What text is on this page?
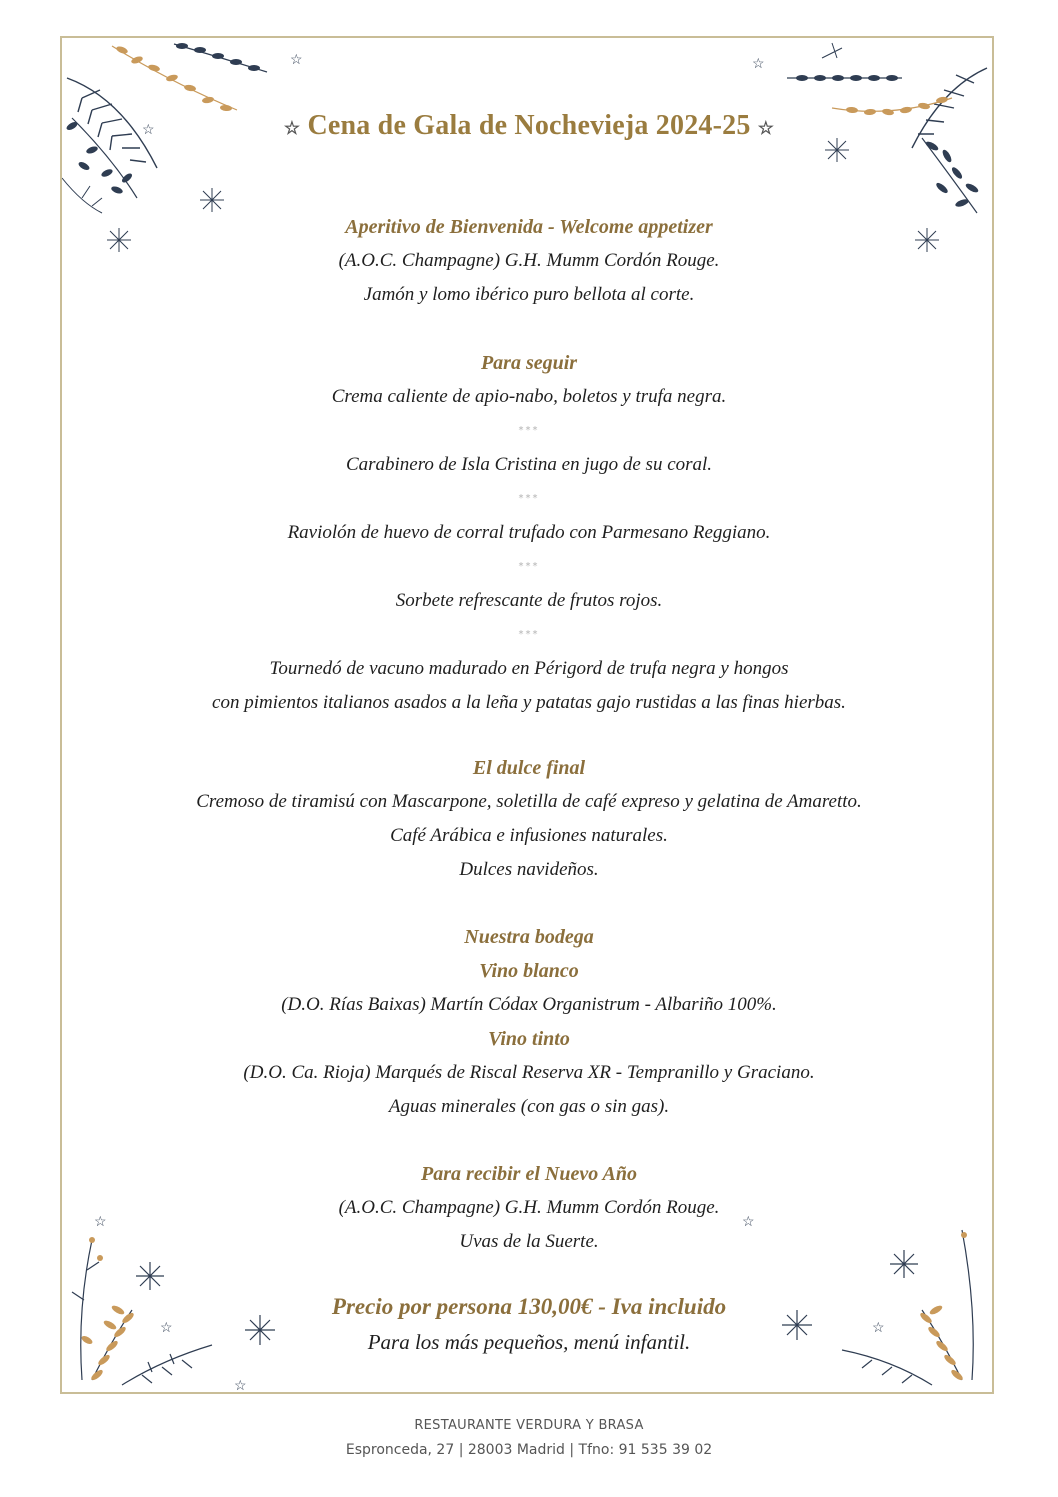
☆
☆	☆
☆
☆
☆
☆
☆
☆ Cena de Gala de Nochevieja 2024-25 ☆
Aperitivo de Bienvenida - Welcome appetizer
(A.O.C. Champagne) G.H. Mumm Cordón Rouge.
Jamón y lomo ibérico puro bellota al corte.
Para seguir
Crema caliente de apio-nabo, boletos y trufa negra.
***
Carabinero de Isla Cristina en jugo de su coral.
***
Raviolón de huevo de corral trufado con Parmesano Reggiano.
***
Sorbete refrescante de frutos rojos.
***
Tournedó de vacuno madurado en Périgord de trufa negra y hongos
con pimientos italianos asados a la leña y patatas gajo rustidas a las finas hierbas.
El dulce final
Cremoso de tiramisú con Mascarpone, soletilla de café expreso y gelatina de Amaretto.
Café Arábica e infusiones naturales.
Dulces navideños.
Nuestra bodega
Vino blanco
(D.O. Rías Baixas) Martín Códax Organistrum - Albariño 100%.
Vino tinto
(D.O. Ca. Rioja) Marqués de Riscal Reserva XR - Tempranillo y Graciano.
Aguas minerales (con gas o sin gas).
Para recibir el Nuevo Año
(A.O.C. Champagne) G.H. Mumm Cordón Rouge.
Uvas de la Suerte.
Precio por persona 130,00€ - Iva incluido
Para los más pequeños, menú infantil.
RESTAURANTE VERDURA Y BRASA
Espronceda, 27 | 28003 Madrid | Tfno: 91 535 39 02
